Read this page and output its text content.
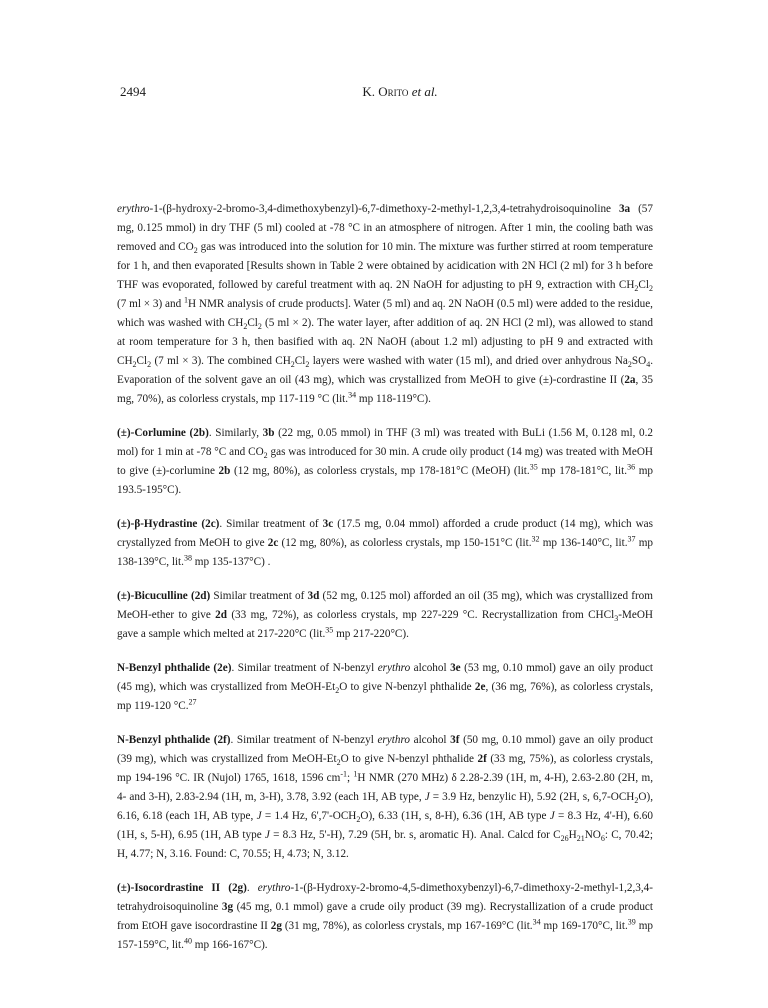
2494	K. Orito et al.

erythro-1-(β-hydroxy-2-bromo-3,4-dimethoxybenzyl)-6,7-dimethoxy-2-methyl-1,2,3,4-tetrahydroisoquinoline 3a (57 mg, 0.125 mmol) in dry THF (5 ml) cooled at -78 °C in an atmosphere of nitrogen. After 1 min, the cooling bath was removed and $CO_2$ gas was introduced into the solution for 10 min. The mixture was further stirred at room temperature for 1 h, and then evaporated [Results shown in Table 2 were obtained by acidication with 2N HCl (2 ml) for 3 h before THF was evoporated, followed by careful treatment with aq. 2N NaOH for adjusting to pH 9, extraction with $CH_2Cl_2$ (7 ml × 3) and $^1$H NMR analysis of crude products]. Water (5 ml) and aq. 2N NaOH (0.5 ml) were added to the residue, which was washed with $CH_2Cl_2$ (5 ml × 2). The water layer, after addition of aq. 2N HCl (2 ml), was allowed to stand at room temperature for 3 h, then basified with aq. 2N NaOH (about 1.2 ml) adjusting to pH 9 and extracted with $CH_2Cl_2$ (7 ml × 3). The combined $CH_2Cl_2$ layers were washed with water (15 ml), and dried over anhydrous $Na_2SO_4$. Evaporation of the solvent gave an oil (43 mg), which was crystallized from MeOH to give (±)-cordrastine II (2a, 35 mg, 70%), as colorless crystals, mp 117-119 °C (lit.$^{34}$ mp 118-119°C).

(±)-Corlumine (2b). Similarly, 3b (22 mg, 0.05 mmol) in THF (3 ml) was treated with BuLi (1.56 M, 0.128 ml, 0.2 mol) for 1 min at -78 °C and $CO_2$ gas was introduced for 30 min. A crude oily product (14 mg) was treated with MeOH to give (±)-corlumine 2b (12 mg, 80%), as colorless crystals, mp 178-181°C (MeOH) (lit.$^{35}$ mp 178-181°C, lit.$^{36}$ mp 193.5-195°C).

(±)-β-Hydrastine (2c). Similar treatment of 3c (17.5 mg, 0.04 mmol) afforded a crude product (14 mg), which was crystallyzed from MeOH to give 2c (12 mg, 80%), as colorless crystals, mp 150-151°C (lit.$^{32}$ mp 136-140°C, lit.$^{37}$ mp 138-139°C, lit.$^{38}$ mp 135-137°C) .

(±)-Bicuculline (2d) Similar treatment of 3d (52 mg, 0.125 mol) afforded an oil (35 mg), which was crystallized from MeOH-ether to give 2d (33 mg, 72%), as colorless crystals, mp 227-229 °C. Recrystallization from CHCl$_3$-MeOH gave a sample which melted at 217-220°C (lit.$^{35}$ mp 217-220°C).

N-Benzyl phthalide (2e). Similar treatment of N-benzyl erythro alcohol 3e (53 mg, 0.10 mmol) gave an oily product (45 mg), which was crystallized from MeOH-$Et_2O$ to give N-benzyl phthalide 2e, (36 mg, 76%), as colorless crystals, mp 119-120 °C.$^{27}$

N-Benzyl phthalide (2f). Similar treatment of N-benzyl erythro alcohol 3f (50 mg, 0.10 mmol) gave an oily product (39 mg), which was crystallized from MeOH-$Et_2O$ to give N-benzyl phthalide 2f (33 mg, 75%), as colorless crystals, mp 194-196 °C. IR (Nujol) 1765, 1618, 1596 $cm^{-1}$; $^1$H NMR (270 MHz) δ 2.28-2.39 (1H, m, 4-H), 2.63-2.80 (2H, m, 4- and 3-H), 2.83-2.94 (1H, m, 3-H), 3.78, 3.92 (each 1H, AB type, J = 3.9 Hz, benzylic H), 5.92 (2H, s, $6,7-OCH_2O$), 6.16, 6.18 (each 1H, AB type, J = 1.4 Hz, $6',7'-OCH_2O$), 6.33 (1H, s, 8-H), 6.36 (1H, AB type J = 8.3 Hz, 4'-H), 6.60 (1H, s, 5-H), 6.95 (1H, AB type J = 8.3 Hz, 5'-H), 7.29 (5H, br. s, aromatic H). Anal. Calcd for $C_{26}H_{21}NO_6$: C, 70.42; H, 4.77; N, 3.16. Found: C, 70.55; H, 4.73; N, 3.12.

(±)-Isocordrastine II (2g). erythro-1-(β-Hydroxy-2-bromo-4,5-dimethoxybenzyl)-6,7-dimethoxy-2-methyl-1,2,3,4-tetrahydroisoquinoline 3g (45 mg, 0.1 mmol) gave a crude oily product (39 mg). Recrystallization of a crude product from EtOH gave isocordrastine II 2g (31 mg, 78%), as colorless crystals, mp 167-169°C (lit.$^{34}$ mp 169-170°C, lit.$^{39}$ mp 157-159°C, lit.$^{40}$ mp 166-167°C).
